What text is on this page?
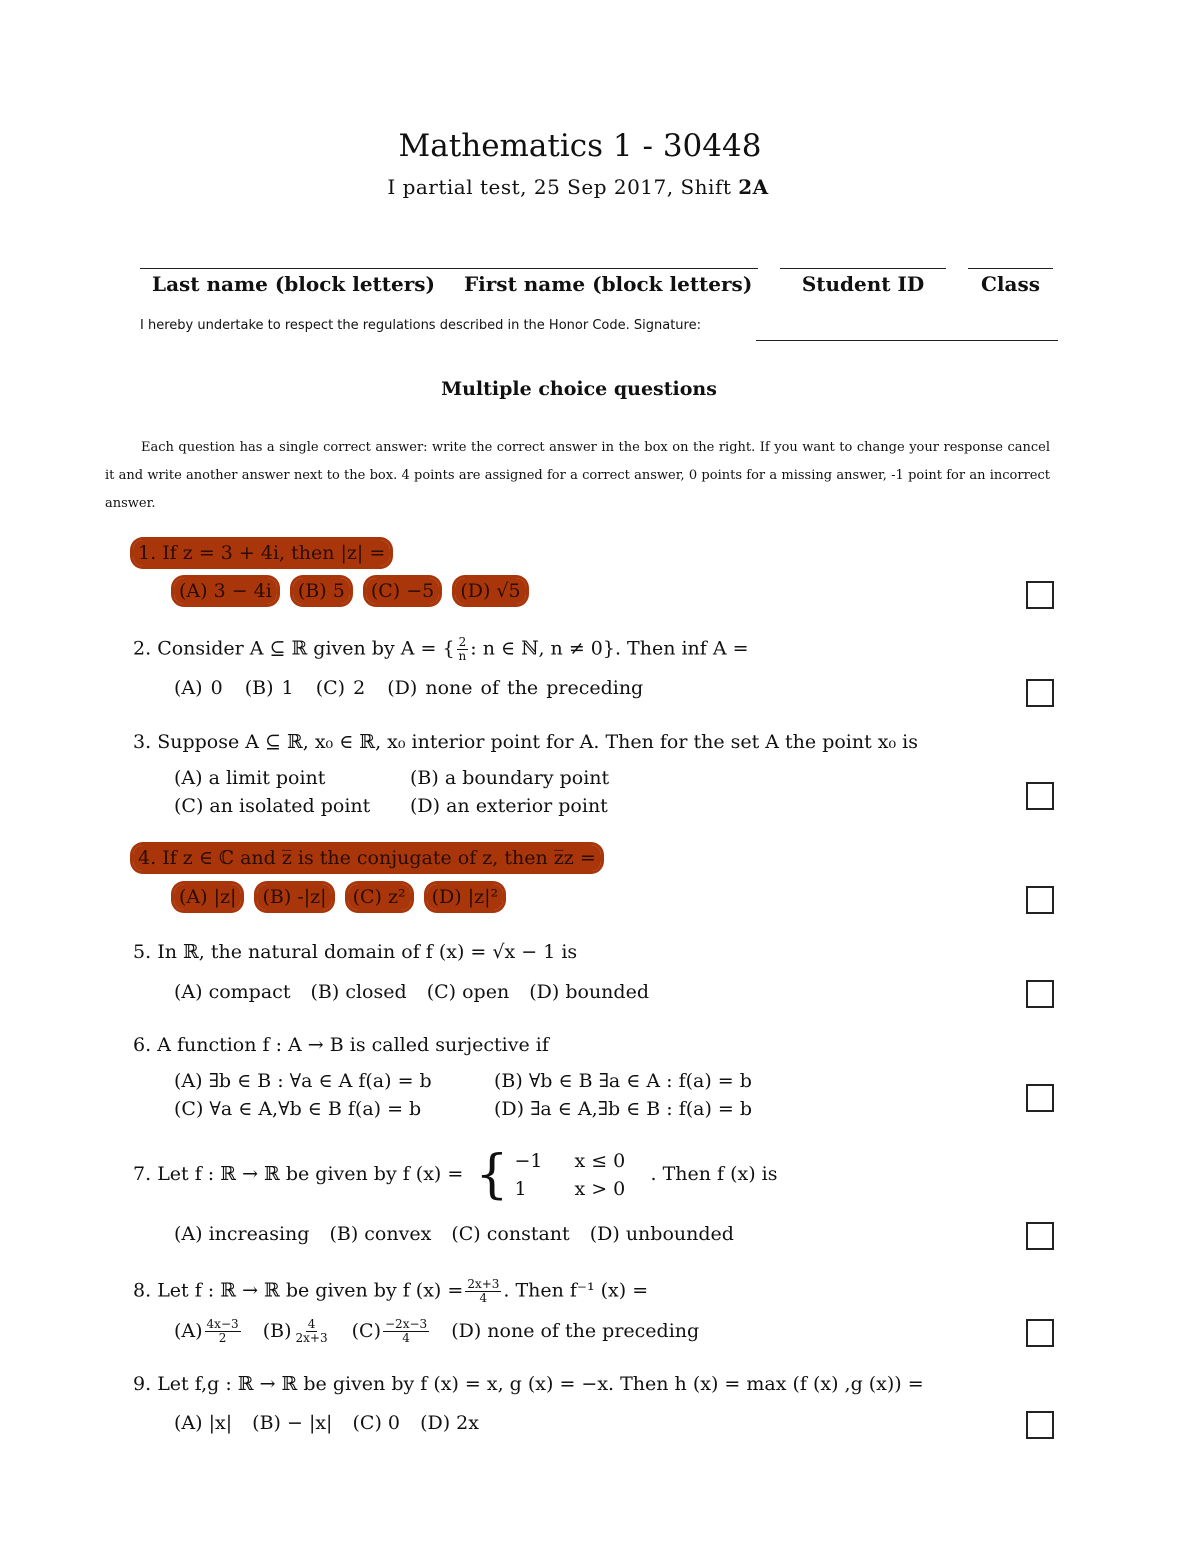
Mathematics 1 - 30448
I partial test, 25 Sep 2017, Shift 2A
Last name (block letters) First name (block letters)	Student ID	Class
I hereby undertake to respect the regulations described in the Honor Code. Signature:
Multiple choice questions
Each question has a single correct answer: write the correct answer in the box on the right. If you want to change your response cancel it and write another answer next to the box. 4 points are assigned for a correct answer, 0 points for a missing answer, -1 point for an incorrect answer.
1. If z = 3 + 4i, then |z| =
(A) 3 − 4i (B) 5 (C) −5 (D) √5
2. Consider A ⊆ ℝ given by A = { $\frac{2}{n}$ : n ∈ ℕ, n ≠ 0}. Then inf A =
(A) 0 (B) 1 (C) 2 (D) none of the preceding
3. Suppose A ⊆ ℝ, x₀ ∈ ℝ, x₀ interior point for A. Then for the set A the point x₀ is
(A) a limit point	(B) a boundary point
(C) an isolated point (D) an exterior point
4. If z ∈ ℂ and z̅ is the conjugate of z, then z̅z =
(A) |z| (B) -|z| (C) z² (D) |z|²
5. In ℝ, the natural domain of f (x) = √x − 1 is
(A) compact (B) closed (C) open (D) bounded
6. A function f : A → B is called surjective if
(A) ∃b ∈ B : ∀a ∈ A f(a) = b	(B) ∀b ∈ B ∃a ∈ A : f(a) = b
(C) ∀a ∈ A,∀b ∈ B f(a) = b	(D) ∃a ∈ A,∃b ∈ B : f(a) = b
7. Let f : ℝ → ℝ be given by f (x) = { −1	x ≤ 0
1	x > 0
. Then f (x) is
(A) increasing (B) convex (C) constant (D) unbounded
8. Let f : ℝ → ℝ be given by f $(x) = \frac{2x+3}{4}$ . Then f⁻¹ (x) =
$(A) \frac{4x-3}{2} (B) \frac{4}{2x+3} (C) \frac{-2x-3}{4} (D)$ none of the preceding
9. Let f,g : ℝ → ℝ be given by f (x) = x, g (x) = −x. Then h (x) = max (f (x) ,g (x)) =
(A) |x| (B) − |x| (C) 0 (D) 2x
